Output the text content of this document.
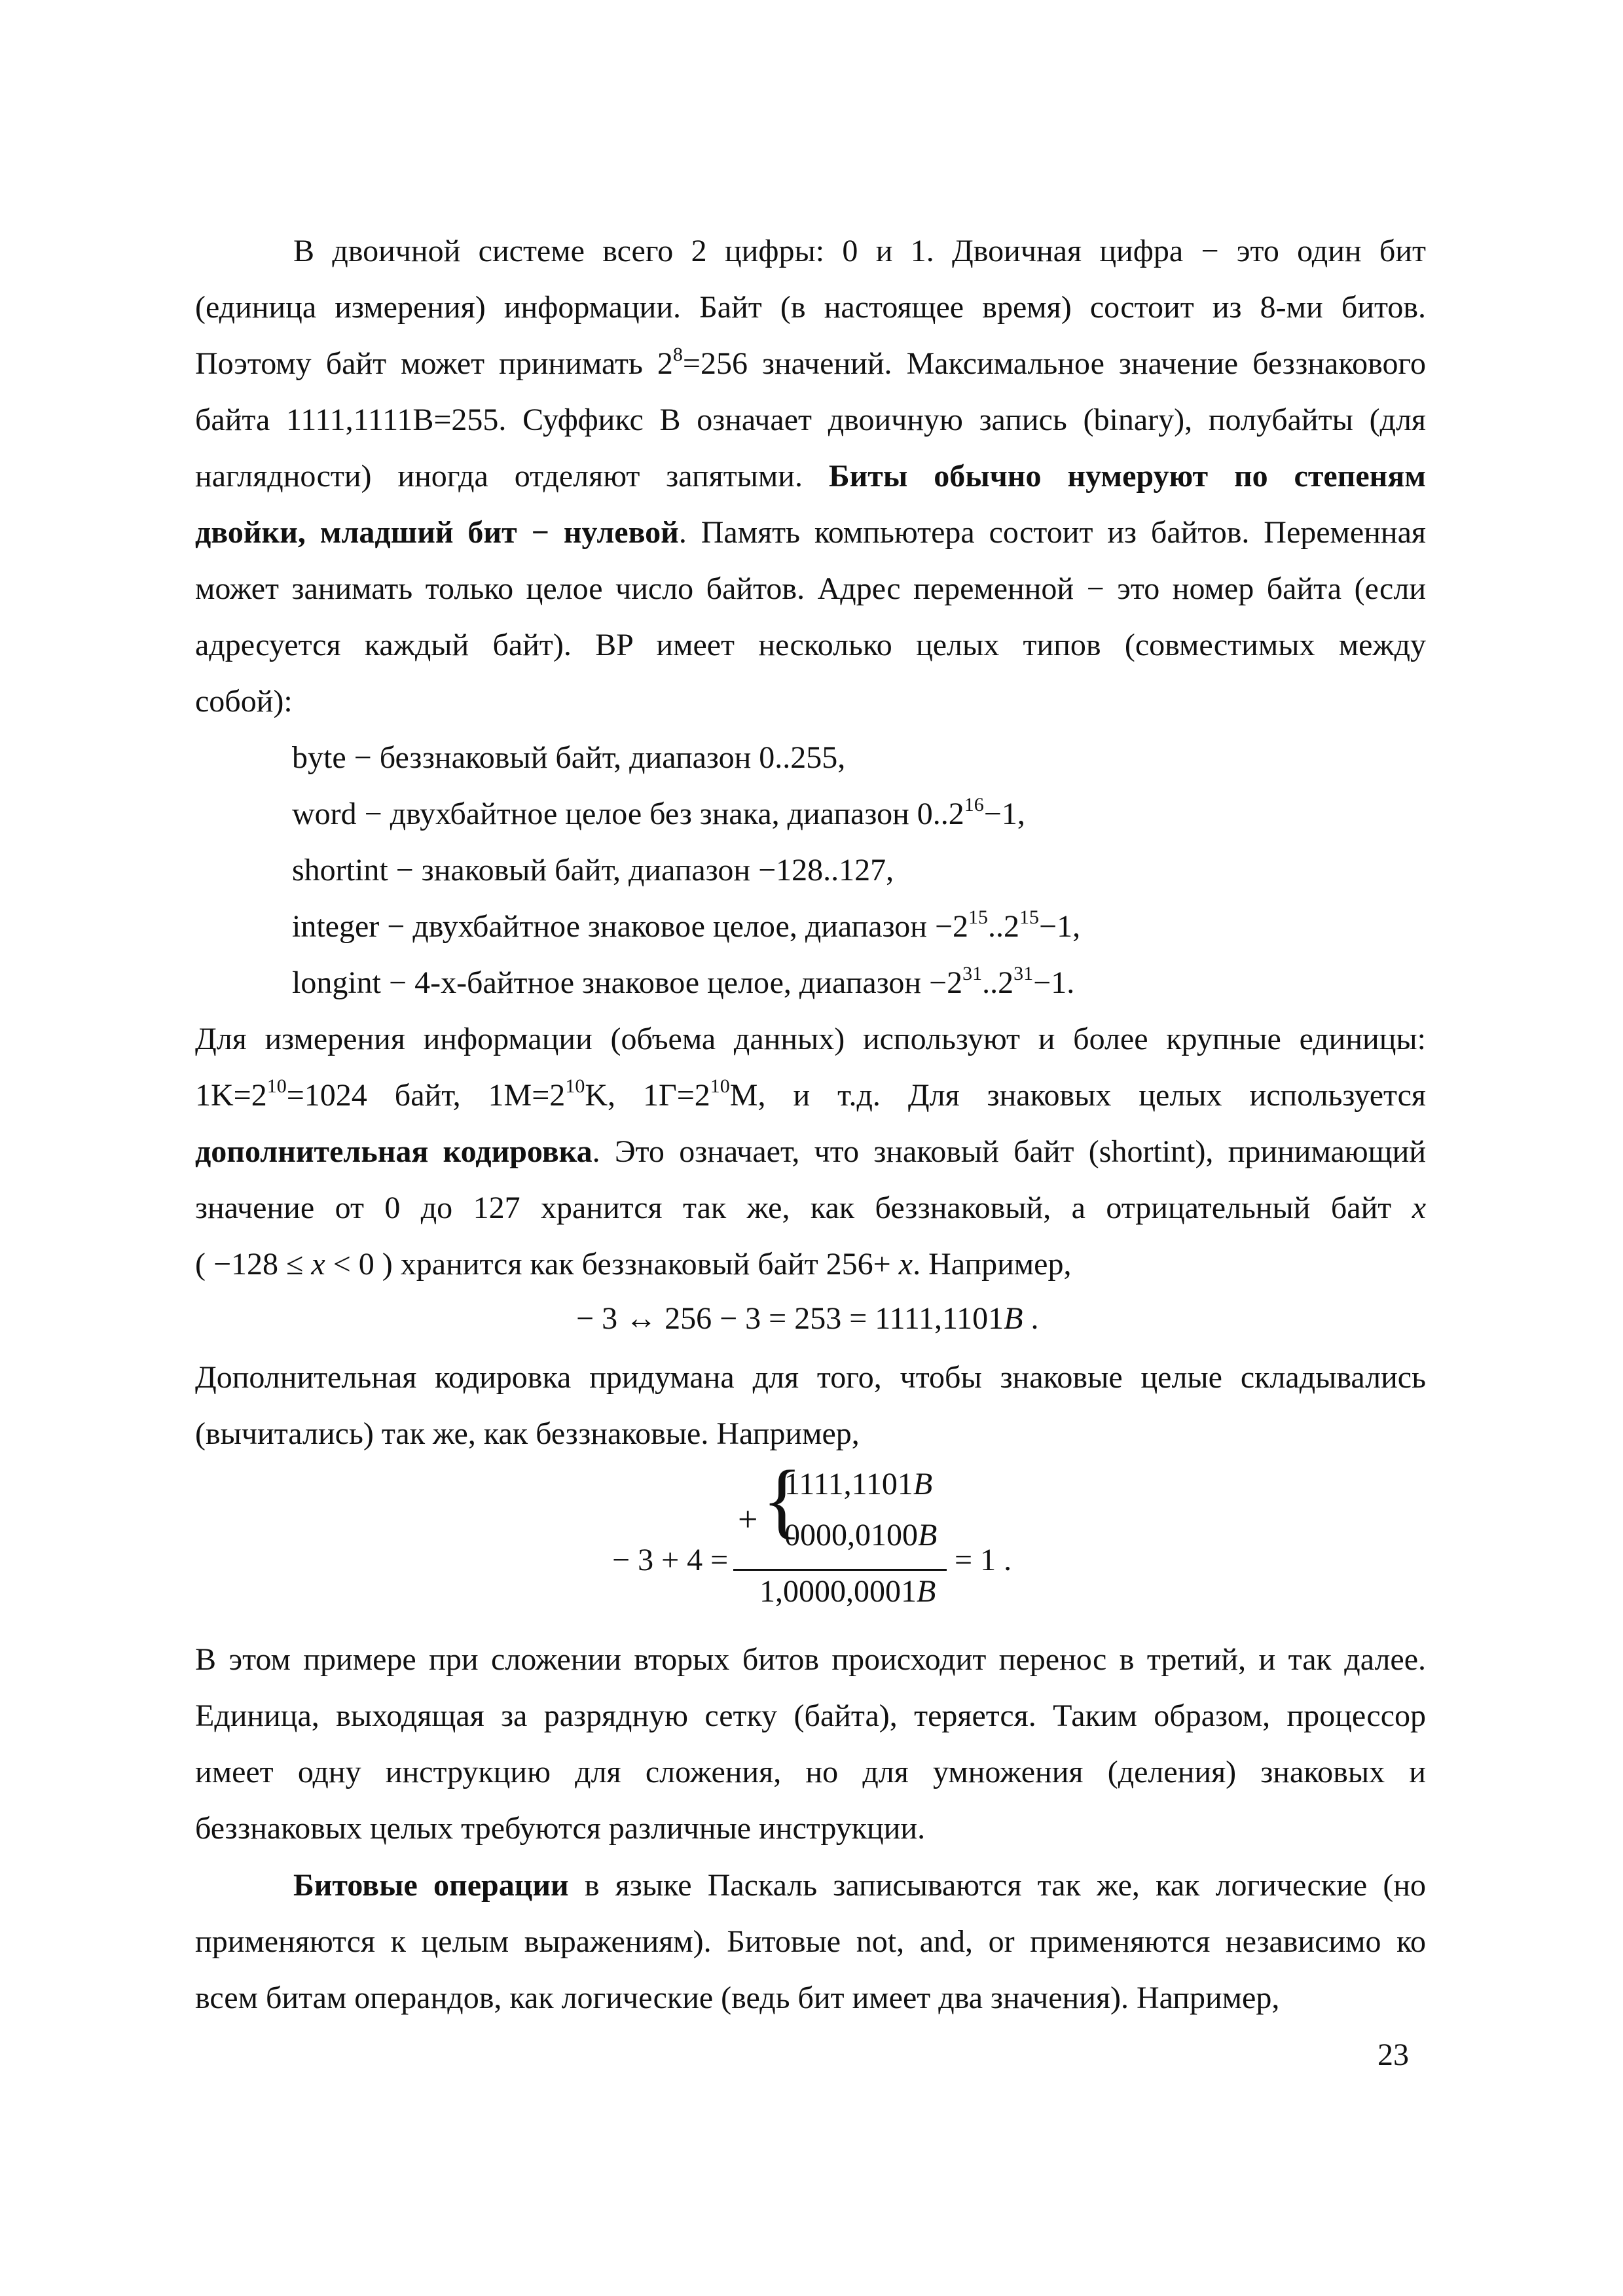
В двоичной системе всего 2 цифры: 0 и 1. Двоичная цифра − это один бит
(единица измерения) информации. Байт (в настоящее время) состоит из 8-ми битов.
Поэтому байт может принимать $2^8=256$ значений. Максимальное значение беззнакового
байта 1111,1111B=255. Суффикс B означает двоичную запись (binary), полубайты (для
наглядности) иногда отделяют запятыми. Биты обычно нумеруют по степеням
двойки, младший бит − нулевой. Память компьютера состоит из байтов. Переменная
может занимать только целое число байтов. Адрес переменной − это номер байта (если
адресуется каждый байт). BP имеет несколько целых типов (совместимых между
собой):
byte − беззнаковый байт, диапазон 0..255,
word − двухбайтное целое без знака, диапазон $0..2^{16}-1$,
shortint − знаковый байт, диапазон −128..127,
integer − двухбайтное знаковое целое, диапазон $-2^{15}..2^{15}-1$,
longint − 4-х-байтное знаковое целое, диапазон $-2^{31}..2^{31}-1$.
Для измерения информации (объема данных) используют и более крупные единицы:
$1K=2^{10}=1024$ байт, $1M=2^{10}K$, $1Г=2^{10}M$, и т.д. Для знаковых целых используется
дополнительная кодировка. Это означает, что знаковый байт (shortint), принимающий
значение от 0 до 127 хранится так же, как беззнаковый, а отрицательный байт x
( −128 ≤ x < 0 ) хранится как беззнаковый байт 256+ x. Например,
− 3 ↔ 256 − 3 = 253 = 1111,1101B .
Дополнительная кодировка придумана для того, чтобы знаковые целые складывались
(вычитались) так же, как беззнаковые. Например,
+ {
1111,1101B
0000,0100B
− 3 + 4 =
1,0000,0001B
= 1 .
В этом примере при сложении вторых битов происходит перенос в третий, и так далее.
Единица, выходящая за разрядную сетку (байта), теряется. Таким образом, процессор
имеет одну инструкцию для сложения, но для умножения (деления) знаковых и
беззнаковых целых требуются различные инструкции.
Битовые операции в языке Паскаль записываются так же, как логические (но
применяются к целым выражениям). Битовые not, and, or применяются независимо ко
всем битам операндов, как логические (ведь бит имеет два значения). Например,
23
